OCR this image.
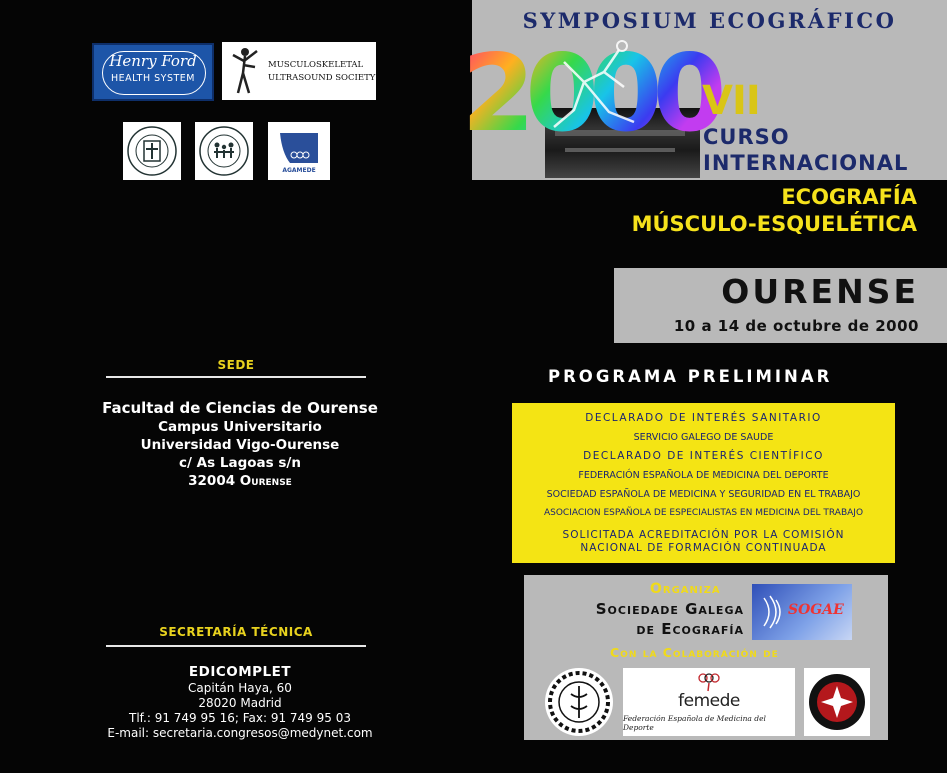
Henry Ford
HEALTH SYSTEM
MUSCULOSKELETAL
ULTRASOUND SOCIETY
AGAMEDE
SEDE
Facultad de Ciencias de Ourense
Campus Universitario
Universidad Vigo-Ourense
c/ As Lagoas s/n
32004 Ourense
SECRETARÍA TÉCNICA
EDICOMPLET
Capitán Haya, 60
28020 Madrid
Tlf.: 91 749 95 16; Fax: 91 749 95 03
E-mail: secretaria.congresos@medynet.com
SYMPOSIUM ECOGRÁFICO
2000
VII
CURSO
INTERNACIONAL
ECOGRAFÍA
MÚSCULO-ESQUELÉTICA
OURENSE
10 a 14 de octubre de 2000
PROGRAMA PRELIMINAR
DECLARADO DE INTERÉS SANITARIO
SERVICIO GALEGO DE SAUDE
DECLARADO DE INTERÉS CIENTÍFICO
FEDERACIÓN ESPAÑOLA DE MEDICINA DEL DEPORTE
SOCIEDAD ESPAÑOLA DE MEDICINA Y SEGURIDAD EN EL TRABAJO
ASOCIACION ESPAÑOLA DE ESPECIALISTAS EN MEDICINA DEL TRABAJO
SOLICITADA ACREDITACIÓN POR LA COMISIÓN
NACIONAL DE FORMACIÓN CONTINUADA
Organiza
Sociedade Galega
de Ecografía
SOGAE
Con la Colaboración de
femede
Federación Española de Medicina del Deporte
